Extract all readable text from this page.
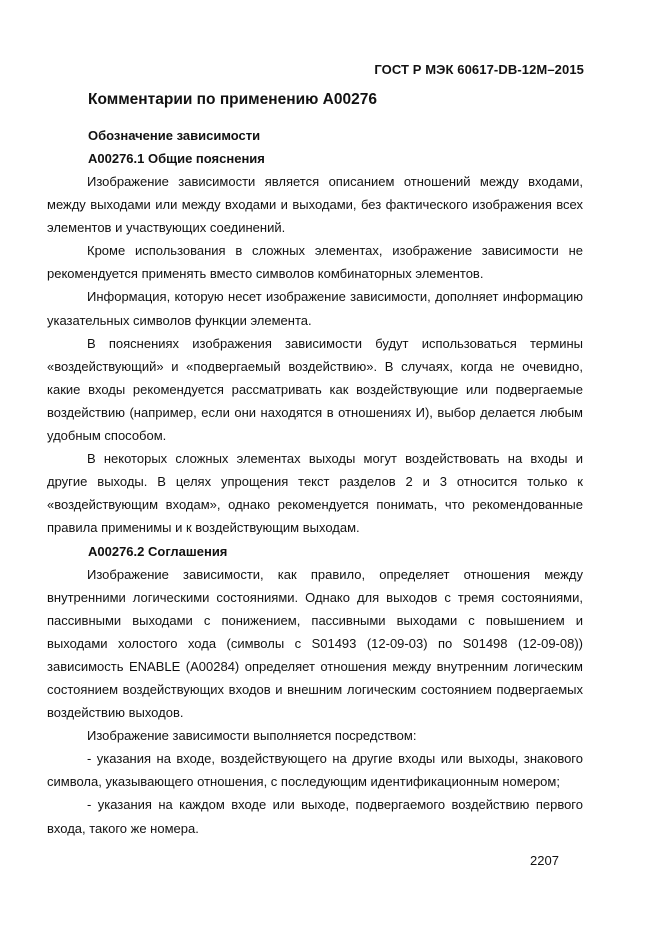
ГОСТ Р МЭК 60617-DB-12M–2015
Комментарии по применению А00276
Обозначение зависимости
А00276.1 Общие пояснения

Изображение зависимости является описанием отношений между входами, между выходами или между входами и выходами, без фактического изображения всех элементов и участвующих соединений.

Кроме использования в сложных элементах, изображение зависимости не рекомендуется применять вместо символов комбинаторных элементов.

Информация, которую несет изображение зависимости, дополняет информацию указательных символов функции элемента.

В пояснениях изображения зависимости будут использоваться термины «воздействующий» и «подвергаемый воздействию». В случаях, когда не очевидно, какие входы рекомендуется рассматривать как воздействующие или подвергаемые воздействию (например, если они находятся в отношениях И), выбор делается любым удобным способом.

В некоторых сложных элементах выходы могут воздействовать на входы и другие выходы. В целях упрощения текст разделов 2 и 3 относится только к «воздействующим входам», однако рекомендуется понимать, что рекомендованные правила применимы и к воздействующим выходам.

А00276.2 Соглашения

Изображение зависимости, как правило, определяет отношения между внутренними логическими состояниями. Однако для выходов с тремя состояниями, пассивными выходами с понижением, пассивными выходами с повышением и выходами холостого хода (символы с S01493 (12-09-03) по S01498 (12-09-08)) зависимость ENABLE (А00284) определяет отношения между внутренним логическим состоянием воздействующих входов и внешним логическим состоянием подвергаемых воздействию выходов.

Изображение зависимости выполняется посредством:

- указания на входе, воздействующего на другие входы или выходы, знакового символа, указывающего отношения, с последующим идентификационным номером;

- указания на каждом входе или выходе, подвергаемого воздействию первого входа, такого же номера.

2207
